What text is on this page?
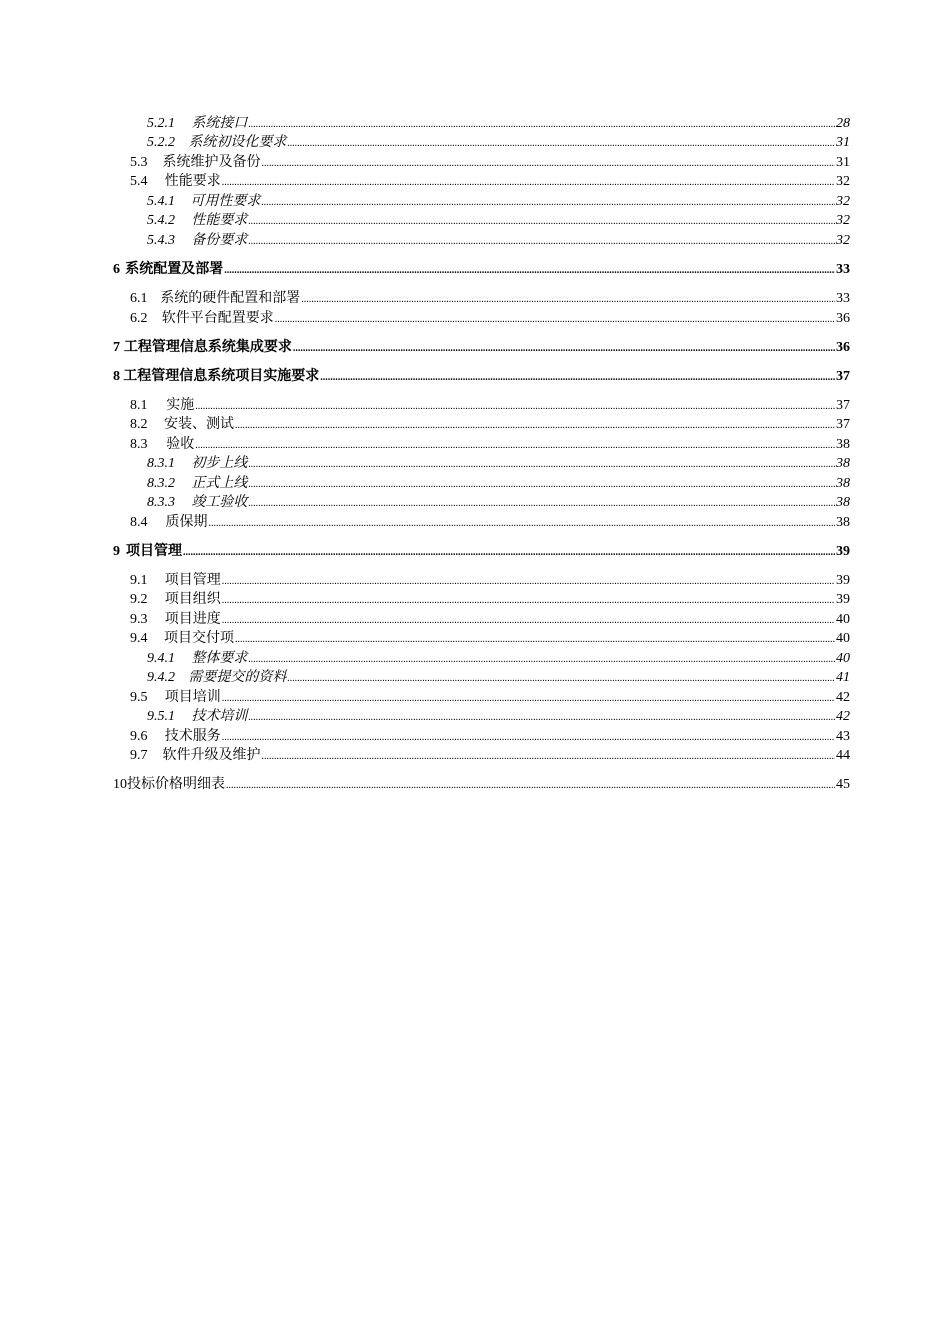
5.2.1	系统接口 .....	28
5.2.2 系统初设化要求 .....	31
5.3	系统维护及备份 .....	31
5.4	性能要求 .....	32
5.4.1	可用性要求 .....	32
5.4.2	性能要求 .....	32
5.4.3	备份要求 .....	32
6 系统配置及部署 .....	33
6.1 系统的硬件配置和部署 .....	33
6.2	软件平台配置要求 .....	36
7 工程管理信息系统集成要求 .....	36
8 工程管理信息系统项目实施要求 .....	37
8.1	实施 .....	37
8.2	安装、测试 .....	37
8.3	验收 .....	38
8.3.1	初步上线 .....	38
8.3.2	正式上线 .....	38
8.3.3	竣工验收 .....	38
8.4	质保期 .....	38
9 项目管理 .....	39
9.1	项目管理 .....	39
9.2	项目组织 .....	39
9.3	项目进度 .....	40
9.4	项目交付项 .....	40
9.4.1	整体要求 .....	40
9.4.2 需要提交的资料 .....	41
9.5	项目培训 .....	42
9.5.1	技术培训 .....	42
9.6	技术服务 .....	43
9.7	软件升级及维护 .....	44
10 投标价格明细表 .....	45
